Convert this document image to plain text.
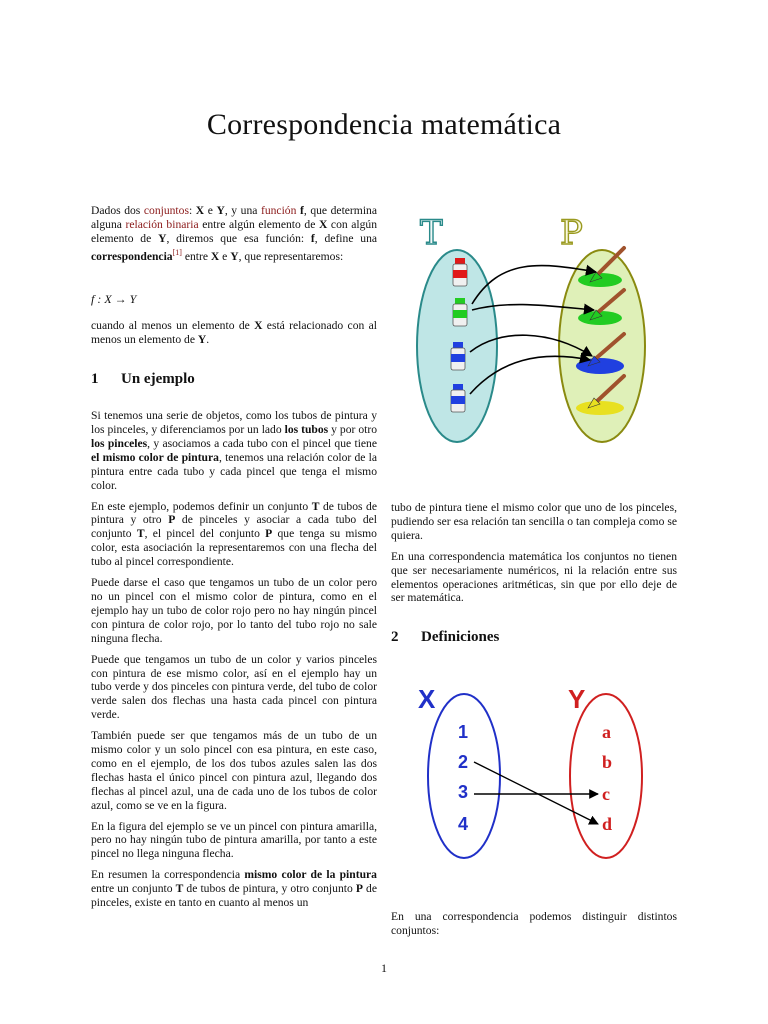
Correspondencia matemática

Dados dos conjuntos: X e Y, y una función f, que determina alguna relación binaria entre algún elemento de X con algún elemento de Y, diremos que esa función: f, define una correspondencia[1] entre X e Y, que representaremos:

f : X → Y

cuando al menos un elemento de X está relacionado con al menos un elemento de Y.

1 Un ejemplo

Si tenemos una serie de objetos, como los tubos de pintura y los pinceles, y diferenciamos por un lado los tubos y por otro los pinceles, y asociamos a cada tubo con el pincel que tiene el mismo color de pintura, tenemos una relación color de la pintura entre cada tubo y cada pincel que tenga el mismo color.

En este ejemplo, podemos definir un conjunto T de tubos de pintura y otro P de pinceles y asociar a cada tubo del conjunto T, el pincel del conjunto P que tenga su mismo color, esta asociación la representaremos con una flecha del tubo al pincel correspondiente.

Puede darse el caso que tengamos un tubo de un color pero no un pincel con el mismo color de pintura, como en el ejemplo hay un tubo de color rojo pero no hay ningún pincel con pintura de color rojo, por lo tanto del tubo rojo no sale ninguna flecha.

Puede que tengamos un tubo de un color y varios pinceles con pintura de ese mismo color, así en el ejemplo hay un tubo verde y dos pinceles con pintura verde, del tubo de color verde salen dos flechas una hasta cada pincel con pintura verde.

También puede ser que tengamos más de un tubo de un mismo color y un solo pincel con esa pintura, en este caso, como en el ejemplo, de los dos tubos azules salen las dos flechas hasta el único pincel con pintura azul, llegando dos flechas al pincel azul, una de cada uno de los tubos de color azul, como se ve en la figura.

En la figura del ejemplo se ve un pincel con pintura amarilla, pero no hay ningún tubo de pintura amarilla, por tanto a este pincel no llega ninguna flecha.

En resumen la correspondencia mismo color de la pintura entre un conjunto T de tubos de pintura, y otro conjunto P de pinceles, existe en tanto en cuanto al menos un

T	P

tubo de pintura tiene el mismo color que uno de los pinceles, pudiendo ser esa relación tan sencilla o tan compleja como se quiera.

En una correspondencia matemática los conjuntos no tienen que ser necesariamente numéricos, ni la relación entre sus elementos operaciones aritméticas, sin que por ello deje de ser matemática.

2 Definiciones

X	Y
1
2
3
4
a
b
c
d

En una correspondencia podemos distinguir distintos conjuntos:

1
